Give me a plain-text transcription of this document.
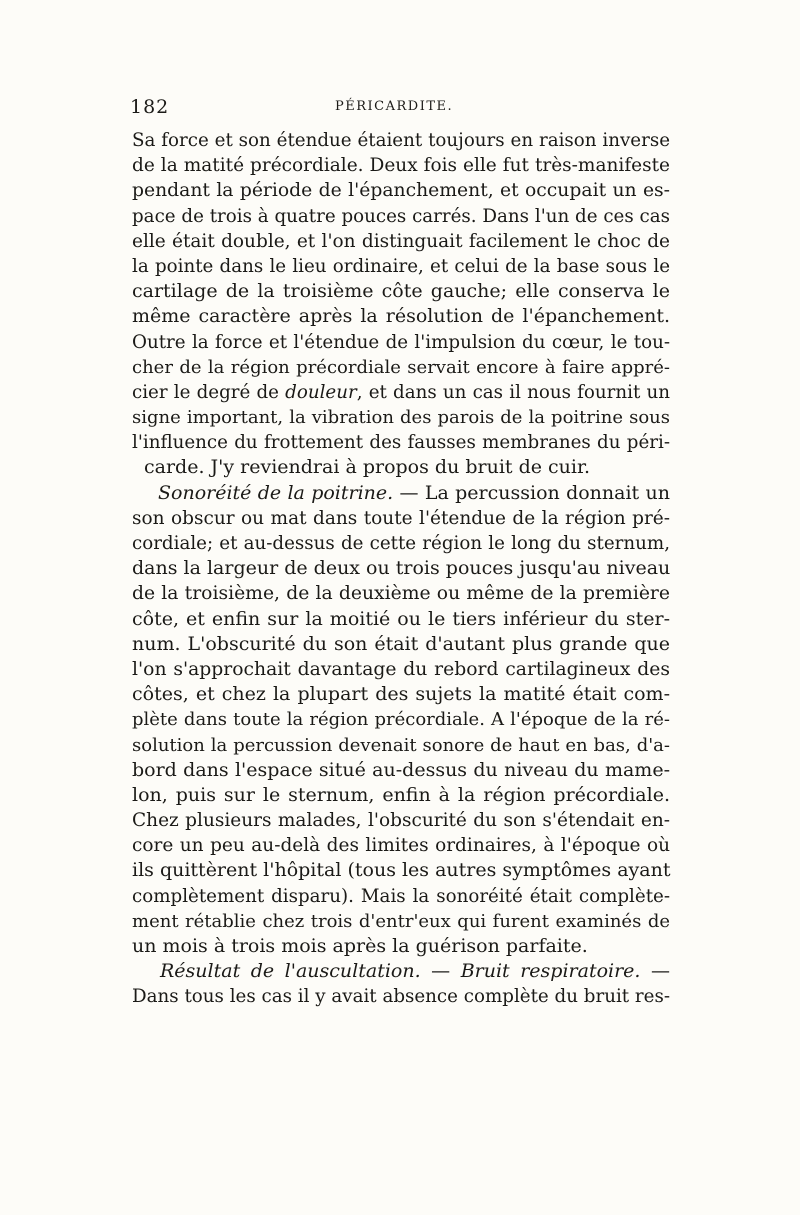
182	PÉRICARDITE.
Sa force et son étendue étaient toujours en raison inverse
de la matité précordiale. Deux fois elle fut très-manifeste
pendant la période de l'épanchement, et occupait un es-
pace de trois à quatre pouces carrés. Dans l'un de ces cas
elle était double, et l'on distinguait facilement le choc de
la pointe dans le lieu ordinaire, et celui de la base sous le
cartilage de la troisième côte gauche; elle conserva le
même caractère après la résolution de l'épanchement.
Outre la force et l'étendue de l'impulsion du cœur, le tou-
cher de la région précordiale servait encore à faire appré-
cier le degré de douleur, et dans un cas il nous fournit un
signe important, la vibration des parois de la poitrine sous
l'influence du frottement des fausses membranes du péri-
carde. J'y reviendrai à propos du bruit de cuir.
Sonoréité de la poitrine. — La percussion donnait un
son obscur ou mat dans toute l'étendue de la région pré-
cordiale; et au-dessus de cette région le long du sternum,
dans la largeur de deux ou trois pouces jusqu'au niveau
de la troisième, de la deuxième ou même de la première
côte, et enfin sur la moitié ou le tiers inférieur du ster-
num. L'obscurité du son était d'autant plus grande que
l'on s'approchait davantage du rebord cartilagineux des
côtes, et chez la plupart des sujets la matité était com-
plète dans toute la région précordiale. A l'époque de la ré-
solution la percussion devenait sonore de haut en bas, d'a-
bord dans l'espace situé au-dessus du niveau du mame-
lon, puis sur le sternum, enfin à la région précordiale.
Chez plusieurs malades, l'obscurité du son s'étendait en-
core un peu au-delà des limites ordinaires, à l'époque où
ils quittèrent l'hôpital (tous les autres symptômes ayant
complètement disparu). Mais la sonoréité était complète-
ment rétablie chez trois d'entr'eux qui furent examinés de
un mois à trois mois après la guérison parfaite.
Résultat de l'auscultation. — Bruit respiratoire. —
Dans tous les cas il y avait absence complète du bruit res-
